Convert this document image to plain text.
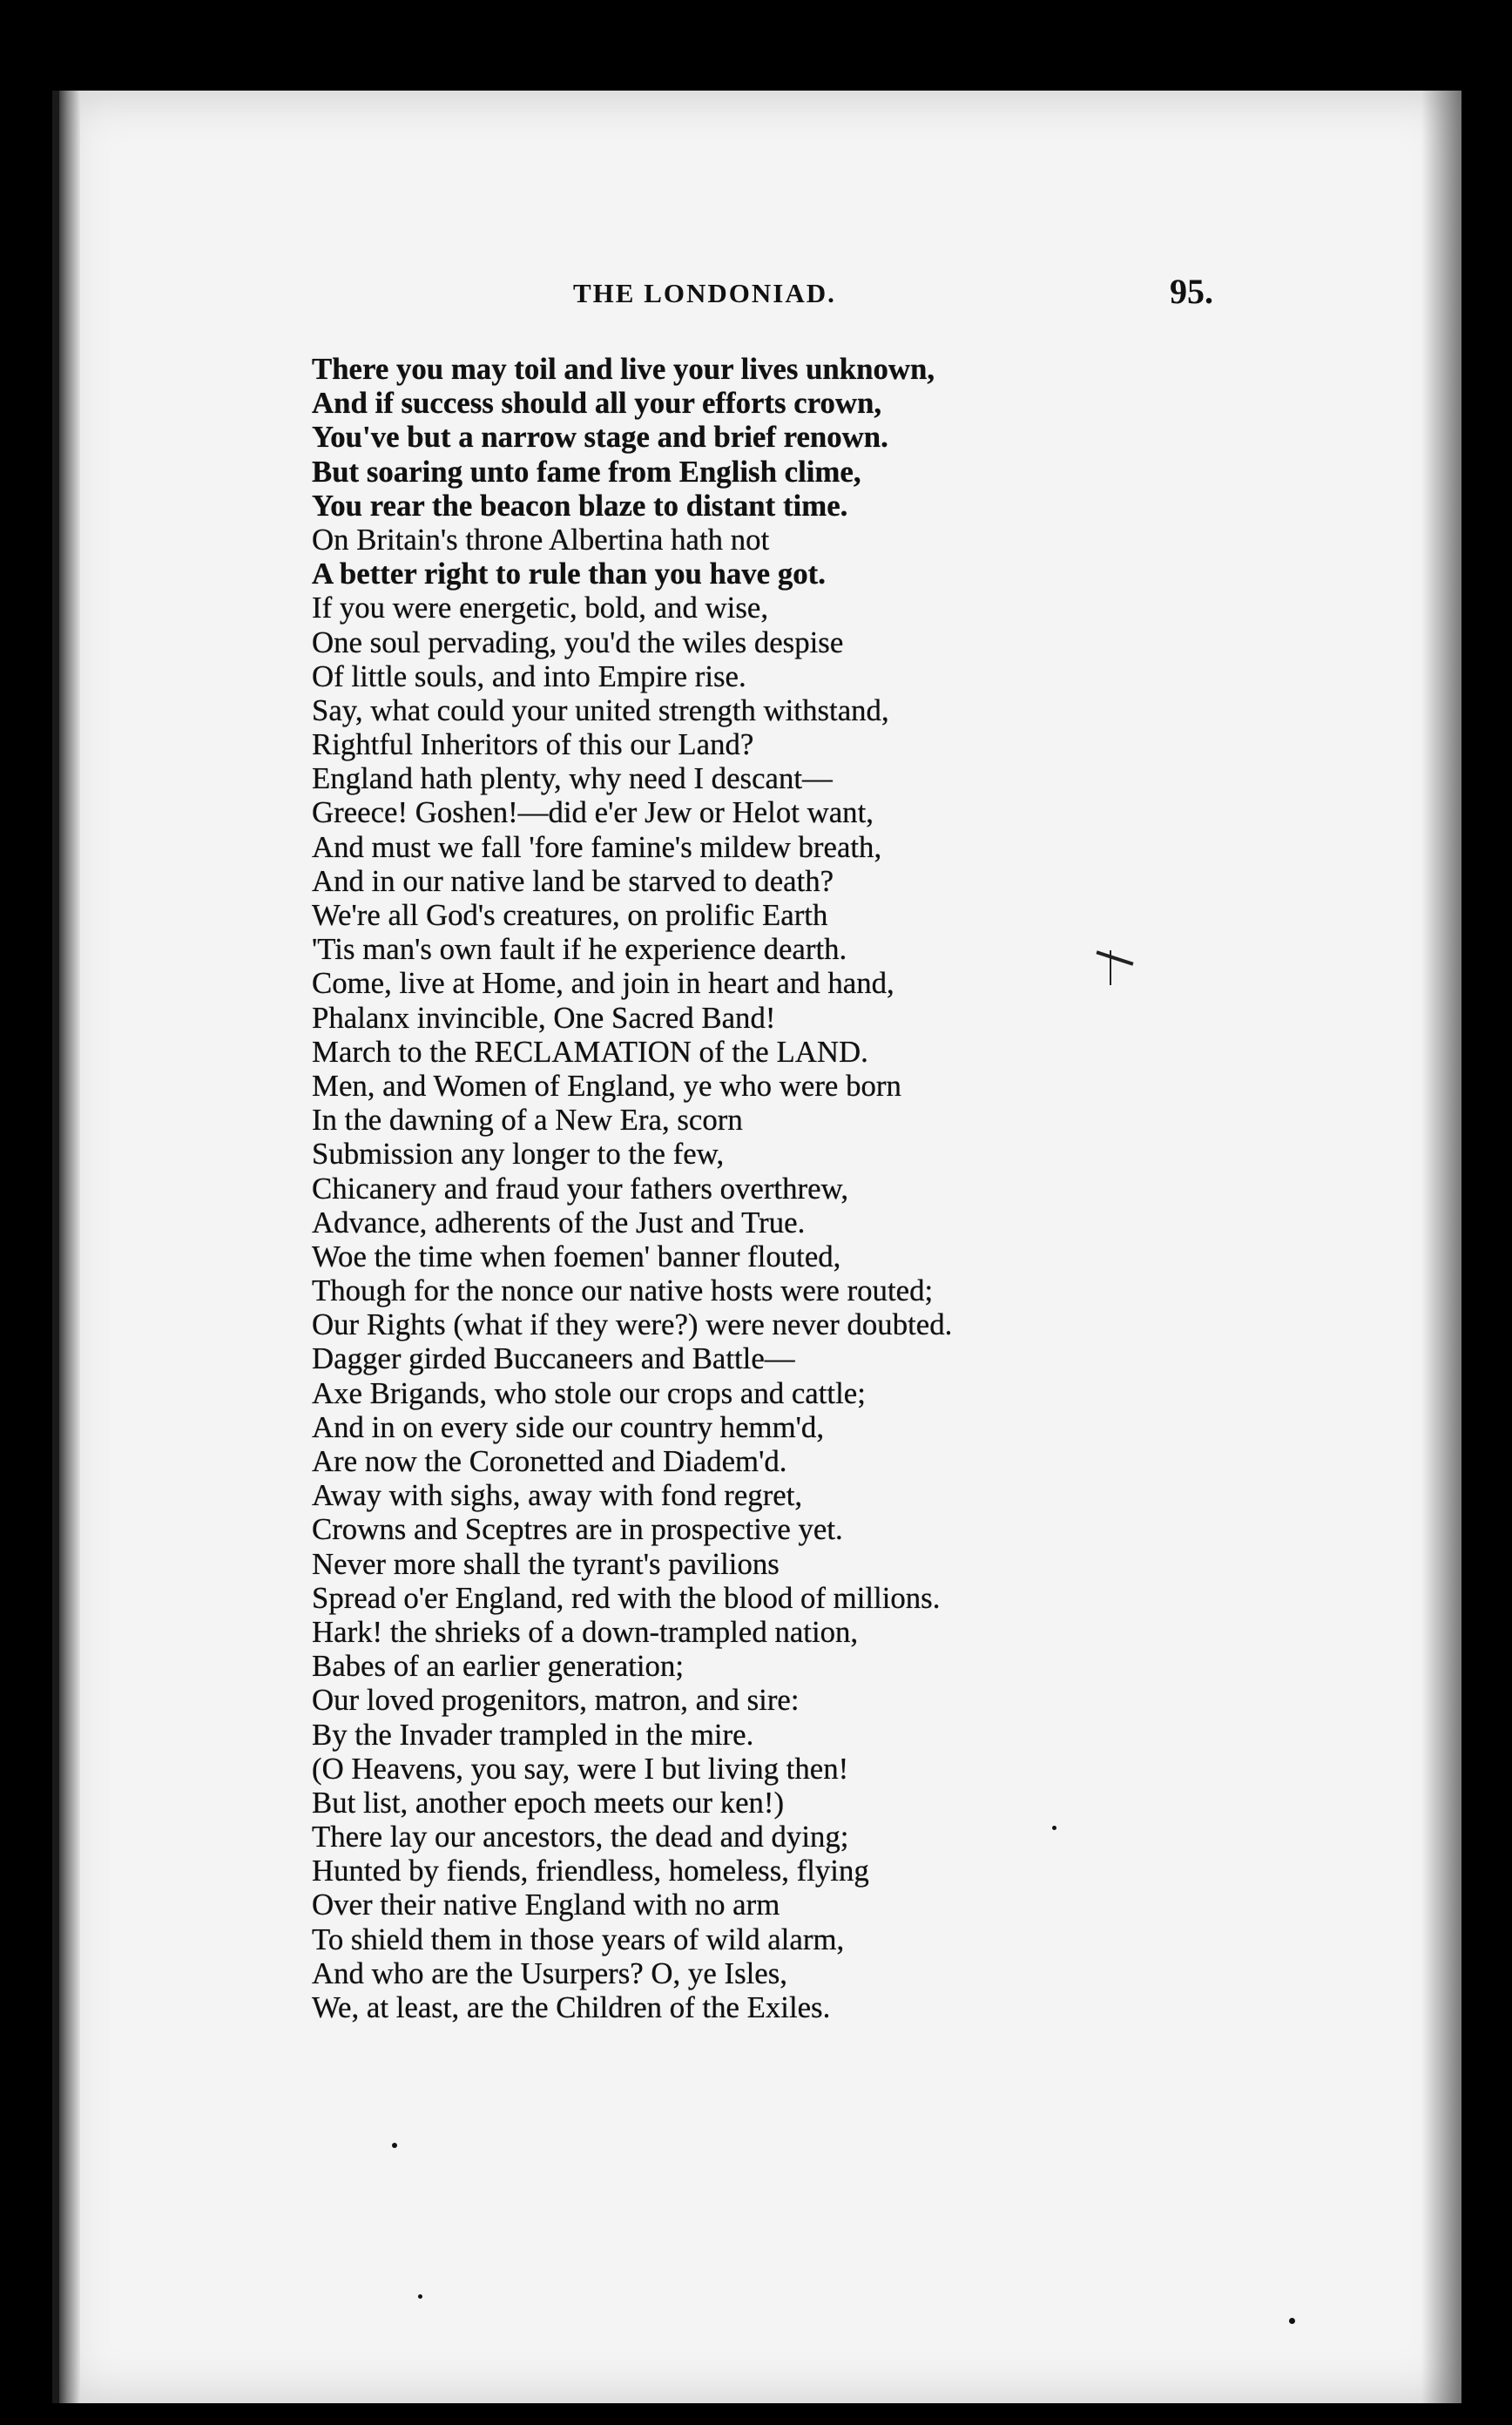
THE LONDONIAD.	95.
There you may toil and live your lives unknown,
And if success should all your efforts crown,
You've but a narrow stage and brief renown.
But soaring unto fame from English clime,
You rear the beacon blaze to distant time.
On Britain's throne Albertina hath not
A better right to rule than you have got.
If you were energetic, bold, and wise,
One soul pervading, you'd the wiles despise
Of little souls, and into Empire rise.
Say, what could your united strength withstand,
Rightful Inheritors of this our Land?
England hath plenty, why need I descant—
Greece! Goshen!—did e'er Jew or Helot want,
And must we fall 'fore famine's mildew breath,
And in our native land be starved to death?
We're all God's creatures, on prolific Earth
'Tis man's own fault if he experience dearth.
Come, live at Home, and join in heart and hand,
Phalanx invincible, One Sacred Band!
March to the RECLAMATION of the LAND.
Men, and Women of England, ye who were born
In the dawning of a New Era, scorn
Submission any longer to the few,
Chicanery and fraud your fathers overthrew,
Advance, adherents of the Just and True.
Woe the time when foemen' banner flouted,
Though for the nonce our native hosts were routed;
Our Rights (what if they were?) were never doubted.
Dagger girded Buccaneers and Battle—
Axe Brigands, who stole our crops and cattle;
And in on every side our country hemm'd,
Are now the Coronetted and Diadem'd.
Away with sighs, away with fond regret,
Crowns and Sceptres are in prospective yet.
Never more shall the tyrant's pavilions
Spread o'er England, red with the blood of millions.
Hark! the shrieks of a down-trampled nation,
Babes of an earlier generation;
Our loved progenitors, matron, and sire:
By the Invader trampled in the mire.
(O Heavens, you say, were I but living then!
But list, another epoch meets our ken!)
There lay our ancestors, the dead and dying;
Hunted by fiends, friendless, homeless, flying
Over their native England with no arm
To shield them in those years of wild alarm,
And who are the Usurpers? O, ye Isles,
We, at least, are the Children of the Exiles.
